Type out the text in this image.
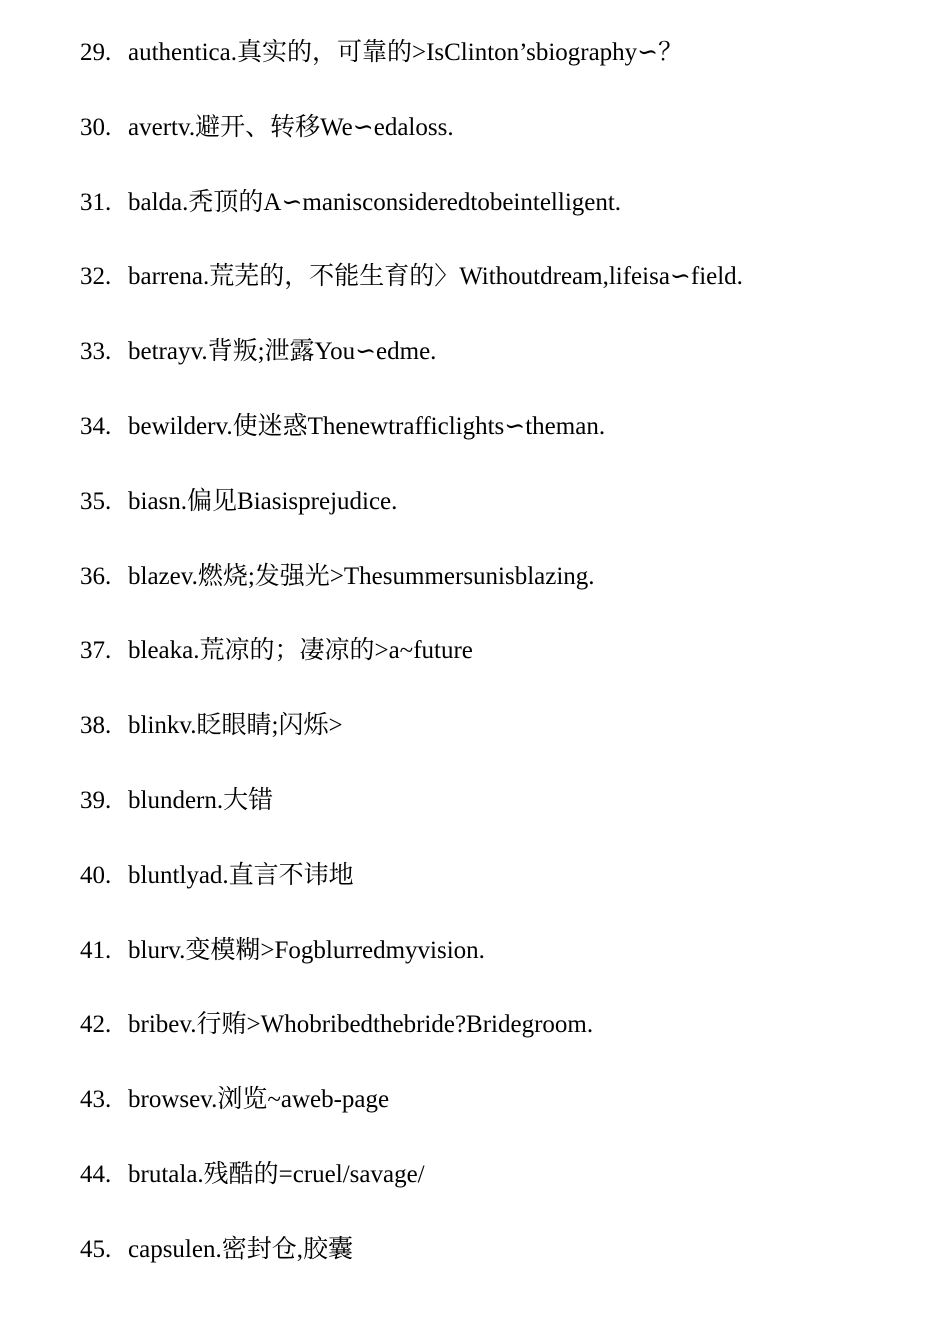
29. authentica.真实的，可靠的>IsClinton’sbiography∽？
30. avertv.避开、转移We∽edaloss.
31. balda.秃顶的A∽manisconsideredtobeintelligent.
32. barrena.荒芜的，不能生育的〉Withoutdream,lifeisa∽field.
33. betrayv.背叛;泄露You∽edme.
34. bewilderv.使迷惑Thenewtrafficlights∽theman.
35. biasn.偏见Biasisprejudice.
36. blazev.燃烧;发强光>Thesummersunisblazing.
37. bleaka.荒凉的；凄凉的>a~future
38. blinkv.眨眼睛;闪烁>
39. blundern.大错
40. bluntlyad.直言不讳地
41. blurv.变模糊>Fogblurredmyvision.
42. bribev.行贿>Whobribedthebride?Bridegroom.
43. browsev.浏览~aweb-page
44. brutala.残酷的=cruel/savage/
45. capsulen.密封仓,胶囊
